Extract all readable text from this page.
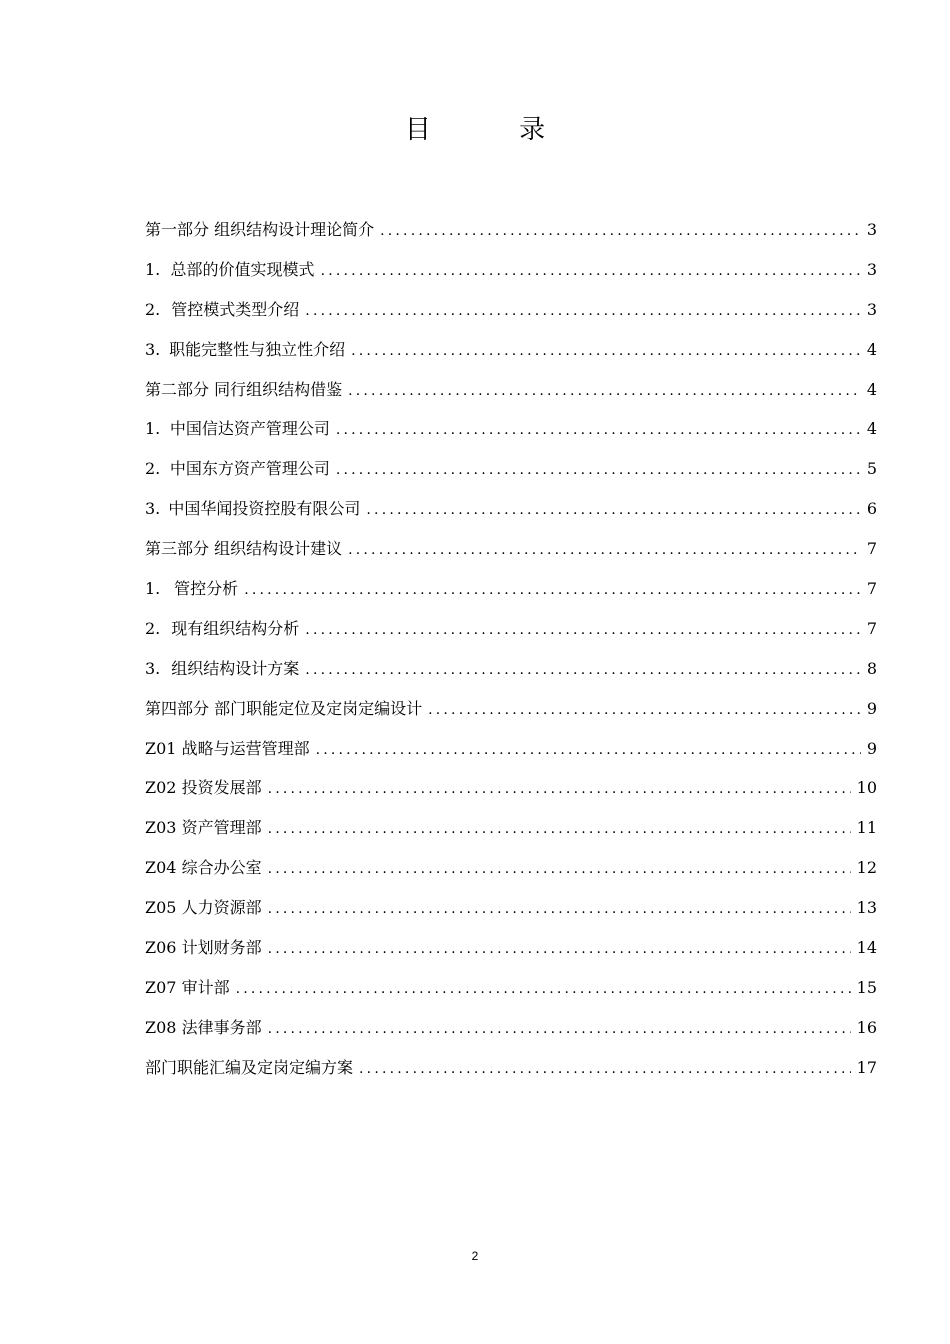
目 录
第一部分 组织结构设计理论简介 .....	3
1. 总部的价值实现模式 .....	3
2. 管控模式类型介绍 .....	3
3. 职能完整性与独立性介绍 .....	4
第二部分 同行组织结构借鉴 .....	4
1. 中国信达资产管理公司 .....	4
2. 中国东方资产管理公司 .....	5
3. 中国华闻投资控股有限公司 .....	6
第三部分 组织结构设计建议 .....	7
1. 管控分析 .....	7
2. 现有组织结构分析 .....	7
3. 组织结构设计方案 .....	8
第四部分 部门职能定位及定岗定编设计 .....	9
Z01 战略与运营管理部 .....	9
Z02 投资发展部 .....	10
Z03 资产管理部 .....	11
Z04 综合办公室 .....	12
Z05 人力资源部 .....	13
Z06 计划财务部 .....	14
Z07 审计部 .....	15
Z08 法律事务部 .....	16
部门职能汇编及定岗定编方案 .....	17
2
